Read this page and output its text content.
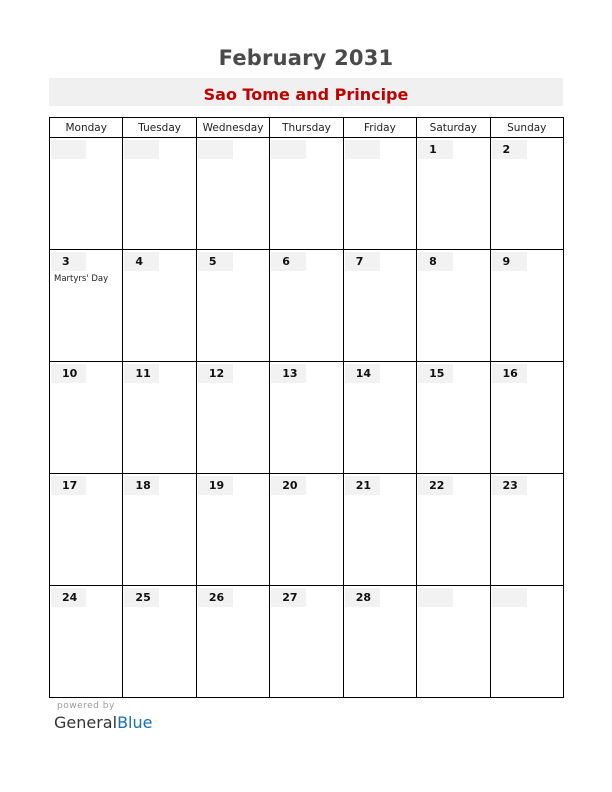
February 2031
Sao Tome and Principe
Monday	Tuesday	Wednesday	Thursday	Friday	Saturday	Sunday

					1	2

3
Martyrs' Day	4	5	6	7	8	9

10	11	12	13	14	15	16

17	18	19	20	21	22	23

24	25	26	27	28		

powered by
GeneralBlue
